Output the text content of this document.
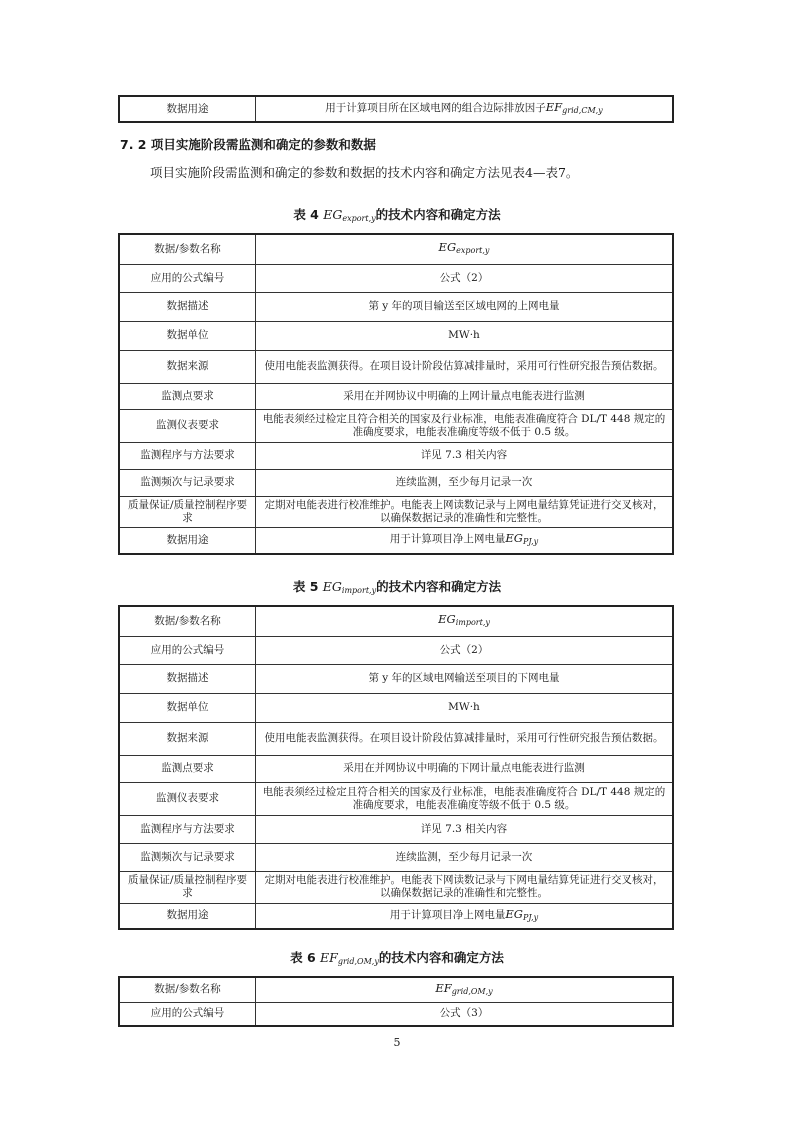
数据用途	用于计算项目所在区域电网的组合边际排放因子$EF_{grid,CM,y}$
7. 2 项目实施阶段需监测和确定的参数和数据
项目实施阶段需监测和确定的参数和数据的技术内容和确定方法见表4—表7。
表 4 $EG_{export,y}$的技术内容和确定方法
数据/参数名称	$EG_{export,y}$
应用的公式编号	公式（2）
数据描述	第 y 年的项目输送至区域电网的上网电量
数据单位	MW·h
数据来源	使用电能表监测获得。在项目设计阶段估算减排量时，采用可行性研究报告预估数据。
监测点要求	采用在并网协议中明确的上网计量点电能表进行监测
监测仪表要求	电能表须经过检定且符合相关的国家及行业标准，电能表准确度符合 DL/T 448 规定的准确度要求，电能表准确度等级不低于 0.5 级。
监测程序与方法要求	详见 7.3 相关内容
监测频次与记录要求	连续监测，至少每月记录一次
质量保证/质量控制程序要求	定期对电能表进行校准维护。电能表上网读数记录与上网电量结算凭证进行交叉核对，以确保数据记录的准确性和完整性。
数据用途	用于计算项目净上网电量$EG_{PJ,y}$
表 5 $EG_{import,y}$的技术内容和确定方法
数据/参数名称	$EG_{import,y}$
应用的公式编号	公式（2）
数据描述	第 y 年的区域电网输送至项目的下网电量
数据单位	MW·h
数据来源	使用电能表监测获得。在项目设计阶段估算减排量时，采用可行性研究报告预估数据。
监测点要求	采用在并网协议中明确的下网计量点电能表进行监测
监测仪表要求	电能表须经过检定且符合相关的国家及行业标准，电能表准确度符合 DL/T 448 规定的准确度要求，电能表准确度等级不低于 0.5 级。
监测程序与方法要求	详见 7.3 相关内容
监测频次与记录要求	连续监测，至少每月记录一次
质量保证/质量控制程序要求	定期对电能表进行校准维护。电能表下网读数记录与下网电量结算凭证进行交叉核对，以确保数据记录的准确性和完整性。
数据用途	用于计算项目净上网电量$EG_{PJ,y}$
表 6 $EF_{grid,OM,y}$的技术内容和确定方法
数据/参数名称	$EF_{grid,OM,y}$
应用的公式编号	公式（3）
5
